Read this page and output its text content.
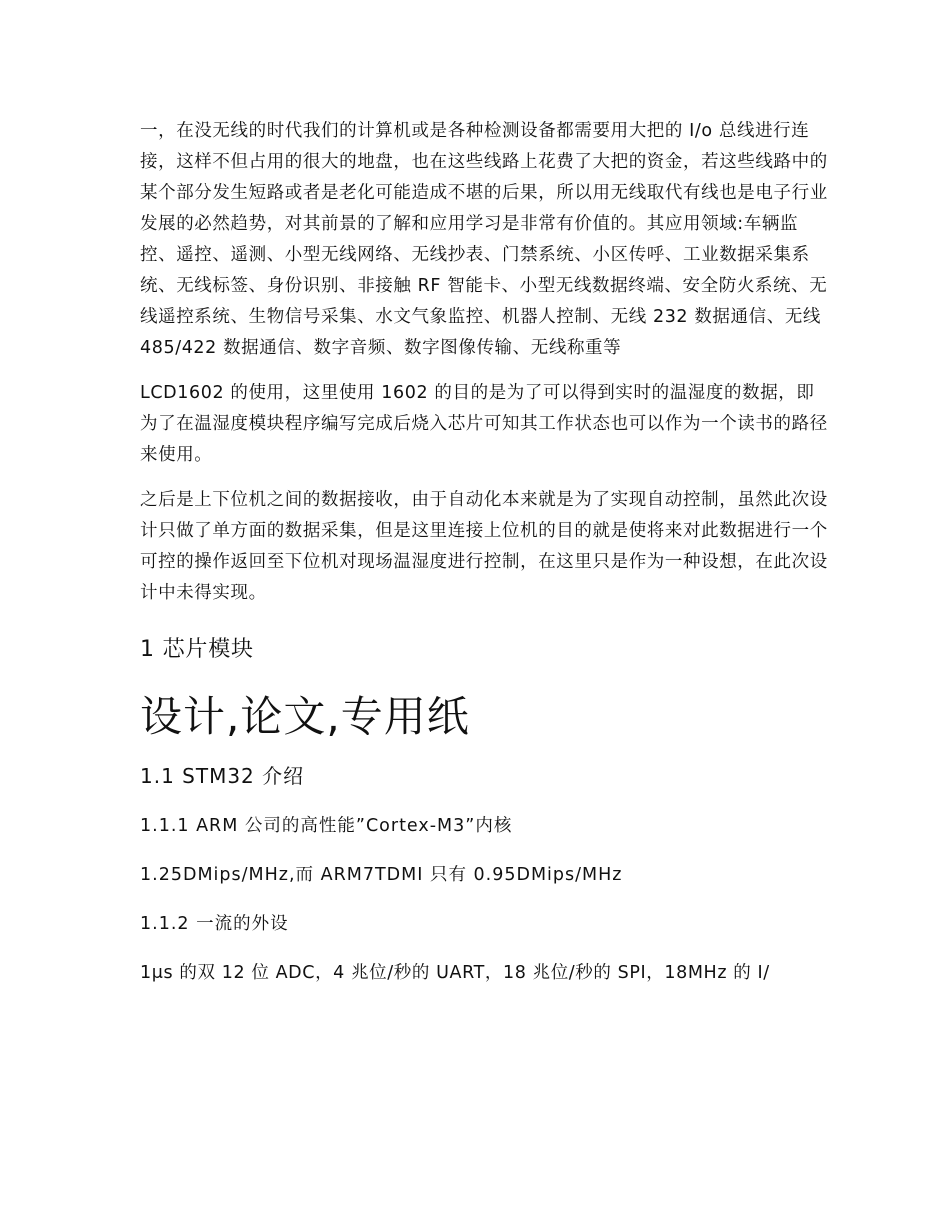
一，在没无线的时代我们的计算机或是各种检测设备都需要用大把的 I/o 总线进行连接，这样不但占用的很大的地盘，也在这些线路上花费了大把的资金，若这些线路中的某个部分发生短路或者是老化可能造成不堪的后果，所以用无线取代有线也是电子行业发展的必然趋势，对其前景的了解和应用学习是非常有价值的。其应用领域:车辆监控、遥控、遥测、小型无线网络、无线抄表、门禁系统、小区传呼、工业数据采集系统、无线标签、身份识别、非接触 RF 智能卡、小型无线数据终端、安全防火系统、无线遥控系统、生物信号采集、水文气象监控、机器人控制、无线 232 数据通信、无线 485/422 数据通信、数字音频、数字图像传输、无线称重等

LCD1602 的使用，这里使用 1602 的目的是为了可以得到实时的温湿度的数据，即为了在温湿度模块程序编写完成后烧入芯片可知其工作状态也可以作为一个读书的路径来使用。

之后是上下位机之间的数据接收，由于自动化本来就是为了实现自动控制，虽然此次设计只做了单方面的数据采集，但是这里连接上位机的目的就是使将来对此数据进行一个可控的操作返回至下位机对现场温湿度进行控制，在这里只是作为一种设想，在此次设计中未得实现。

1 芯片模块
设计,论文,专用纸
1.1 STM32 介绍
1.1.1 ARM 公司的高性能”Cortex-M3”内核
1.25DMips/MHz,而 ARM7TDMI 只有 0.95DMips/MHz
1.1.2 一流的外设

1μs 的双 12 位 ADC，4 兆位/秒的 UART，18 兆位/秒的 SPI，18MHz 的 I/
